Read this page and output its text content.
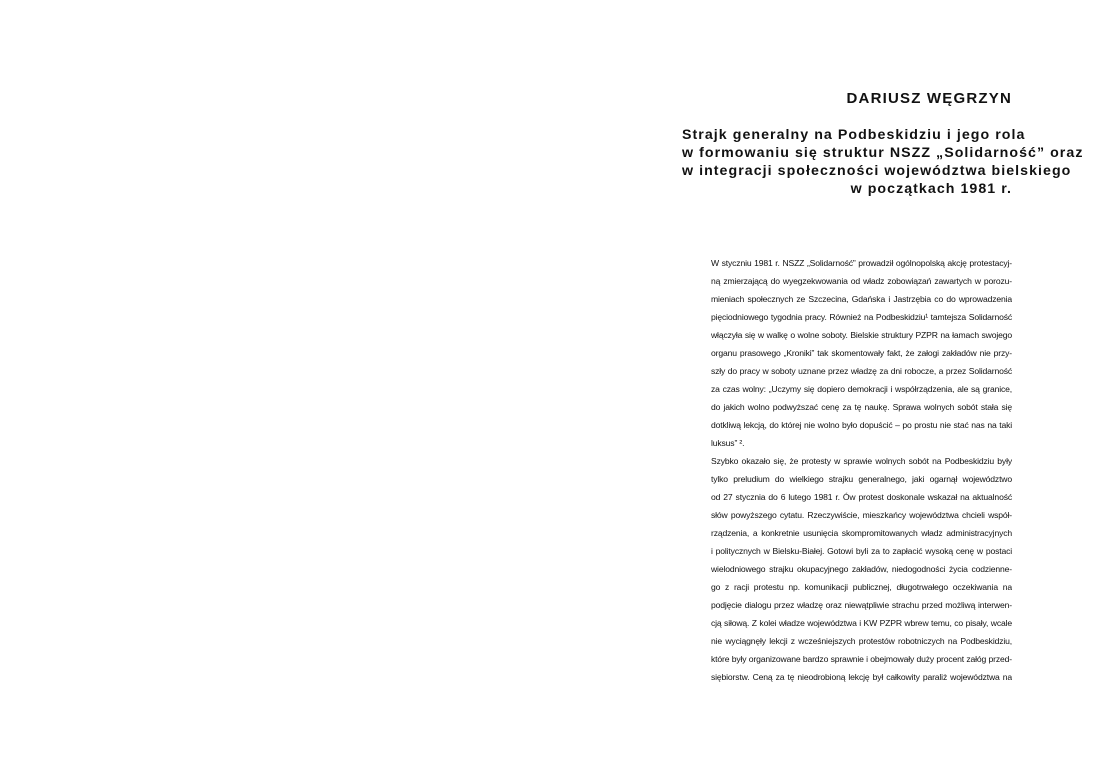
DARIUSZ WĘGRZYN
Strajk generalny na Podbeskidziu i jego rola
w formowaniu się struktur NSZZ „Solidarność” oraz
w integracji społeczności województwa bielskiego
w początkach 1981 r.
W styczniu 1981 r. NSZZ „Solidarność” prowadził ogólnopolską akcję protestacyj-
ną zmierzającą do wyegzekwowania od władz zobowiązań zawartych w porozu-
mieniach społecznych ze Szczecina, Gdańska i Jastrzębia co do wprowadzenia
pięciodniowego tygodnia pracy. Również na Podbeskidziu¹ tamtejsza Solidarność
włączyła się w walkę o wolne soboty. Bielskie struktury PZPR na łamach swojego
organu prasowego „Kroniki” tak skomentowały fakt, że załogi zakładów nie przy-
szły do pracy w soboty uznane przez władzę za dni robocze, a przez Solidarność
za czas wolny: „Uczymy się dopiero demokracji i współrządzenia, ale są granice,
do jakich wolno podwyższać cenę za tę naukę. Sprawa wolnych sobót stała się
dotkliwą lekcją, do której nie wolno było dopuścić – po prostu nie stać nas na taki
luksus” ².
Szybko okazało się, że protesty w sprawie wolnych sobót na Podbeskidziu były
tylko preludium do wielkiego strajku generalnego, jaki ogarnął województwo
od 27 stycznia do 6 lutego 1981 r. Ów protest doskonale wskazał na aktualność
słów powyższego cytatu. Rzeczywiście, mieszkańcy województwa chcieli współ-
rządzenia, a konkretnie usunięcia skompromitowanych władz administracyjnych
i politycznych w Bielsku-Białej. Gotowi byli za to zapłacić wysoką cenę w postaci
wielodniowego strajku okupacyjnego zakładów, niedogodności życia codzienne-
go z racji protestu np. komunikacji publicznej, długotrwałego oczekiwania na
podjęcie dialogu przez władzę oraz niewątpliwie strachu przed możliwą interwen-
cją siłową. Z kolei władze województwa i KW PZPR wbrew temu, co pisały, wcale
nie wyciągnęły lekcji z wcześniejszych protestów robotniczych na Podbeskidziu,
które były organizowane bardzo sprawnie i obejmowały duży procent załóg przed-
siębiorstw. Ceną za tę nieodrobioną lekcję był całkowity paraliż województwa na
